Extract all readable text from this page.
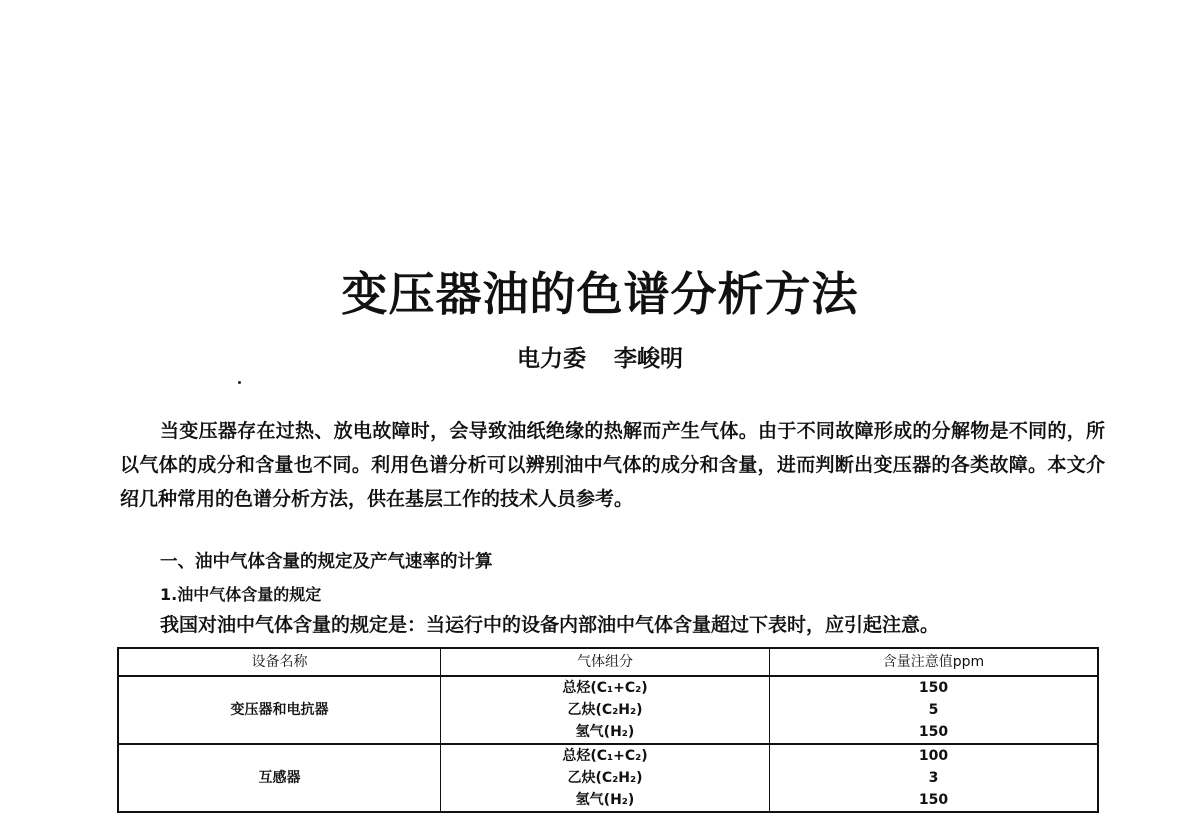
变压器油的色谱分析方法
电力委 李峻明

当变压器存在过热、放电故障时，会导致油纸绝缘的热解而产生气体。由于不同故障形成的分解物是不同的，所以气体的成分和含量也不同。利用色谱分析可以辨别油中气体的成分和含量，进而判断出变压器的各类故障。本文介绍几种常用的色谱分析方法，供在基层工作的技术人员参考。

一、油中气体含量的规定及产气速率的计算
1.油中气体含量的规定
我国对油中气体含量的规定是：当运行中的设备内部油中气体含量超过下表时，应引起注意。
设备名称	气体组分	含量注意值ppm
变压器和电抗器	总烃(C₁+C₂)	150
	乙炔(C₂H₂)	5
	氢气(H₂)	150
互感器	总烃(C₁+C₂)	100
	乙炔(C₂H₂)	3
	氢气(H₂)	150
